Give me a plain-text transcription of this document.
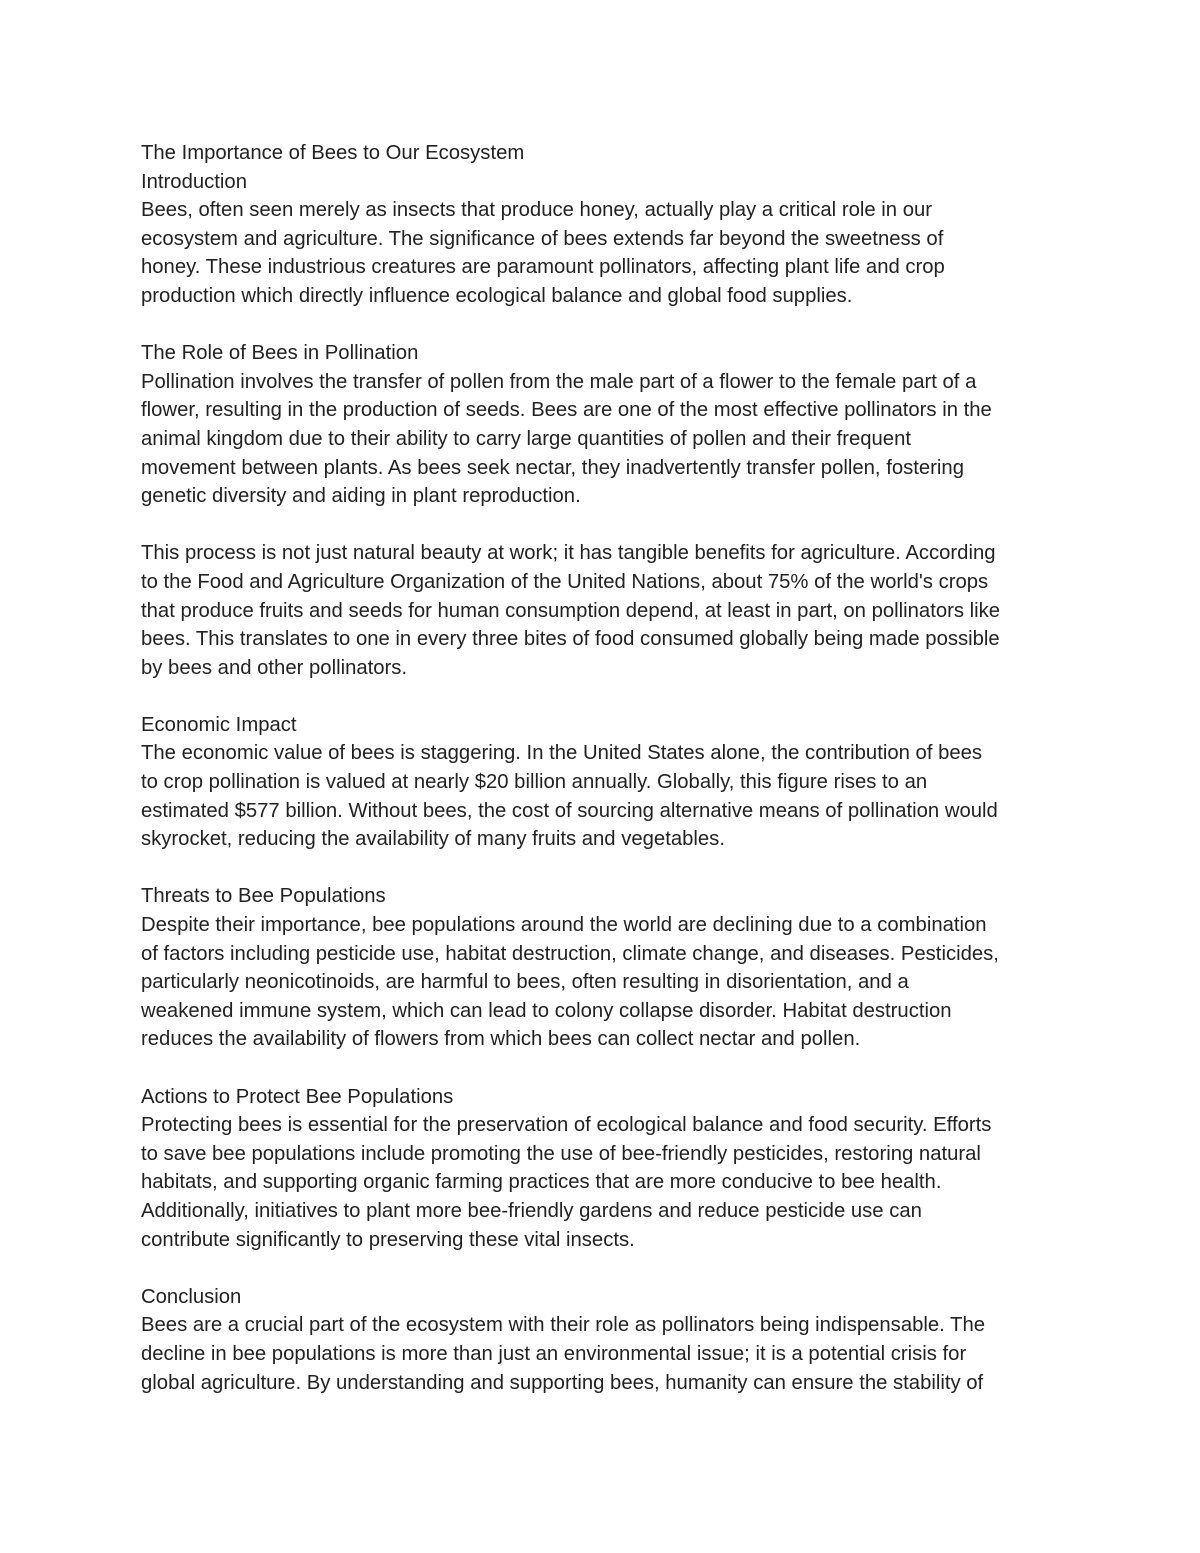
The Importance of Bees to Our Ecosystem
Introduction
Bees, often seen merely as insects that produce honey, actually play a critical role in our
ecosystem and agriculture. The significance of bees extends far beyond the sweetness of
honey. These industrious creatures are paramount pollinators, affecting plant life and crop
production which directly influence ecological balance and global food supplies.
The Role of Bees in Pollination
Pollination involves the transfer of pollen from the male part of a flower to the female part of a
flower, resulting in the production of seeds. Bees are one of the most effective pollinators in the
animal kingdom due to their ability to carry large quantities of pollen and their frequent
movement between plants. As bees seek nectar, they inadvertently transfer pollen, fostering
genetic diversity and aiding in plant reproduction.
This process is not just natural beauty at work; it has tangible benefits for agriculture. According
to the Food and Agriculture Organization of the United Nations, about 75% of the world's crops
that produce fruits and seeds for human consumption depend, at least in part, on pollinators like
bees. This translates to one in every three bites of food consumed globally being made possible
by bees and other pollinators.
Economic Impact
The economic value of bees is staggering. In the United States alone, the contribution of bees
to crop pollination is valued at nearly $20 billion annually. Globally, this figure rises to an
estimated $577 billion. Without bees, the cost of sourcing alternative means of pollination would
skyrocket, reducing the availability of many fruits and vegetables.
Threats to Bee Populations
Despite their importance, bee populations around the world are declining due to a combination
of factors including pesticide use, habitat destruction, climate change, and diseases. Pesticides,
particularly neonicotinoids, are harmful to bees, often resulting in disorientation, and a
weakened immune system, which can lead to colony collapse disorder. Habitat destruction
reduces the availability of flowers from which bees can collect nectar and pollen.
Actions to Protect Bee Populations
Protecting bees is essential for the preservation of ecological balance and food security. Efforts
to save bee populations include promoting the use of bee-friendly pesticides, restoring natural
habitats, and supporting organic farming practices that are more conducive to bee health.
Additionally, initiatives to plant more bee-friendly gardens and reduce pesticide use can
contribute significantly to preserving these vital insects.
Conclusion
Bees are a crucial part of the ecosystem with their role as pollinators being indispensable. The
decline in bee populations is more than just an environmental issue; it is a potential crisis for
global agriculture. By understanding and supporting bees, humanity can ensure the stability of
